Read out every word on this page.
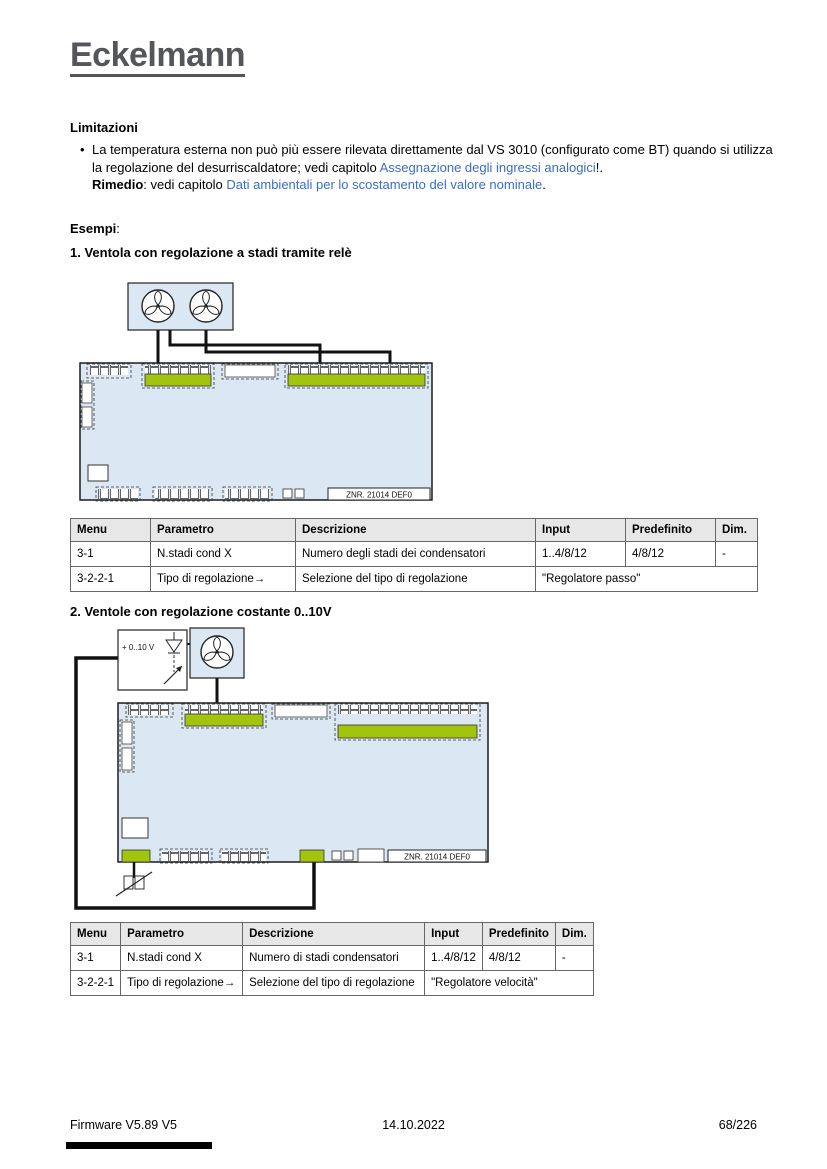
Eckelmann
Limitazioni
• La temperatura esterna non può più essere rilevata direttamente dal VS 3010 (configurato come BT) quando si utilizza la regolazione del desurriscaldatore; vedi capitolo Assegnazione degli ingressi analogici!.
Rimedio: vedi capitolo Dati ambientali per lo scostamento del valore nominale.
Esempi:
1. Ventola con regolazione a stadi tramite relè
ZNR. 21014 DEF0
Menu	Parametro	Descrizione	Input	Predefinito	Dim.
3-1	N.stadi cond X	Numero degli stadi dei condensatori	1..4/8/12	4/8/12	-
3-2-2-1	Tipo di regolazione→	Selezione del tipo di regolazione	"Regolatore passo"		
2. Ventole con regolazione costante 0..10V
+ 0..10 V
ZNR. 21014 DEF0
Menu	Parametro	Descrizione	Input	Predefinito	Dim.
3-1	N.stadi cond X	Numero di stadi condensatori	1..4/8/12	4/8/12	-
3-2-2-1	Tipo di regolazione→	Selezione del tipo di regolazione	"Regolatore velocità"		
Firmware V5.89 V5	14.10.2022	68/226
